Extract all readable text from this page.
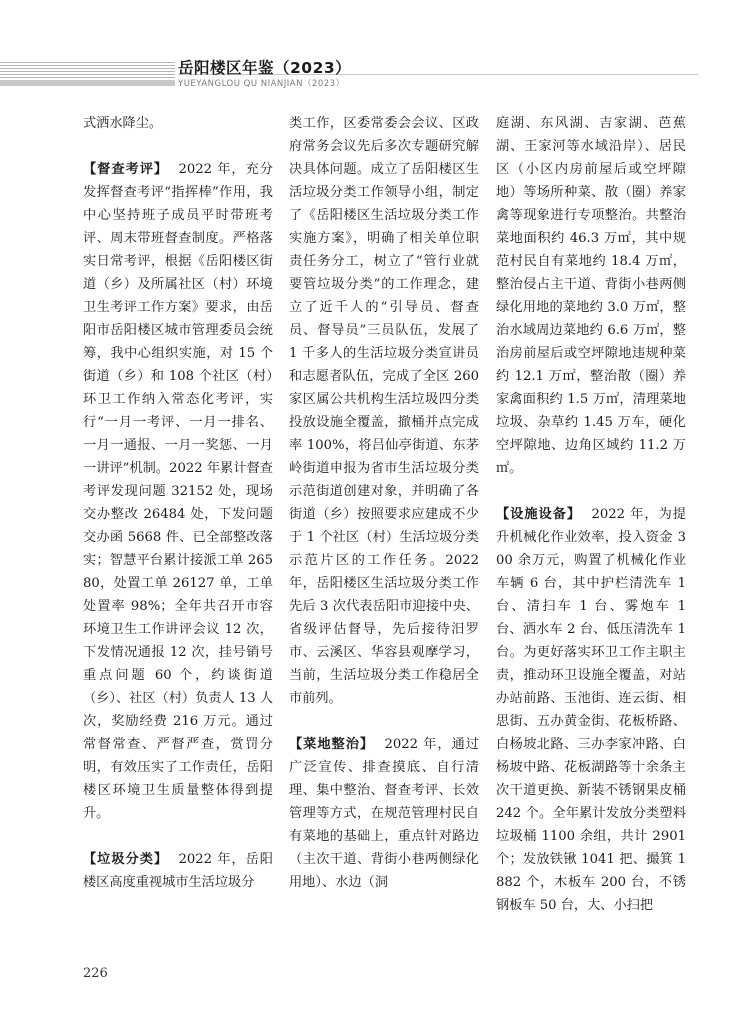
岳阳楼区年鉴（2023）
YUEYANGLOU QU NIANJIAN（2023）

式洒水降尘。

【督查考评】 2022 年，充分发挥督查考评“指挥棒”作用，我中心坚持班子成员平时带班考评、周末带班督查制度。严格落实日常考评，根据《岳阳楼区街道（乡）及所属社区（村）环境卫生考评工作方案》要求，由岳阳市岳阳楼区城市管理委员会统筹，我中心组织实施，对 15 个街道（乡）和 108 个社区（村）环卫工作纳入常态化考评，实行“一月一考评、一月一排名、一月一通报、一月一奖惩、一月一讲评”机制。2022 年累计督查考评发现问题 32152 处，现场交办整改 26484 处，下发问题交办函 5668 件、已全部整改落实；智慧平台累计接派工单 26580，处置工单 26127 单，工单处置率 98%；全年共召开市容环境卫生工作讲评会议 12 次，下发情况通报 12 次，挂号销号重点问题 60 个，约谈街道（乡）、社区（村）负责人 13 人次，奖励经费 216 万元。通过常督常查、严督严查，赏罚分明，有效压实了工作责任，岳阳楼区环境卫生质量整体得到提升。

【垃圾分类】 2022 年，岳阳楼区高度重视城市生活垃圾分

类工作，区委常委会会议、区政府常务会议先后多次专题研究解决具体问题。成立了岳阳楼区生活垃圾分类工作领导小组，制定了《岳阳楼区生活垃圾分类工作实施方案》，明确了相关单位职责任务分工，树立了“管行业就要管垃圾分类”的工作理念，建立了近千人的“引导员、督查员、督导员”三员队伍，发展了 1 千多人的生活垃圾分类宣讲员和志愿者队伍，完成了全区 260 家区属公共机构生活垃圾四分类投放设施全覆盖，撤桶并点完成率 100%，将吕仙亭街道、东茅岭街道申报为省市生活垃圾分类示范街道创建对象，并明确了各街道（乡）按照要求应建成不少于 1 个社区（村）生活垃圾分类示范片区的工作任务。2022 年，岳阳楼区生活垃圾分类工作先后 3 次代表岳阳市迎接中央、省级评估督导，先后接待汨罗市、云溪区、华容县观摩学习，当前，生活垃圾分类工作稳居全市前列。

【菜地整治】 2022 年，通过广泛宣传、排查摸底、自行清理、集中整治、督查考评、长效管理等方式，在规范管理村民自有菜地的基础上，重点针对路边（主次干道、背街小巷两侧绿化用地）、水边（洞

庭湖、东风湖、吉家湖、芭蕉湖、王家河等水域沿岸）、居民区（小区内房前屋后或空坪隙地）等场所种菜、散（圈）养家禽等现象进行专项整治。共整治菜地面积约 46.3 万㎡，其中规范村民自有菜地约 18.4 万㎡，整治侵占主干道、背街小巷两侧绿化用地的菜地约 3.0 万㎡，整治水域周边菜地约 6.6 万㎡，整治房前屋后或空坪隙地违规种菜约 12.1 万㎡，整治散（圈）养家禽面积约 1.5 万㎡，清理菜地垃圾、杂草约 1.45 万车，硬化空坪隙地、边角区域约 11.2 万㎡。

【设施设备】 2022 年，为提升机械化作业效率，投入资金 300 余万元，购置了机械化作业车辆 6 台，其中护栏清洗车 1 台、清扫车 1 台、雾炮车 1 台、洒水车 2 台、低压清洗车 1 台。为更好落实环卫工作主职主责，推动环卫设施全覆盖，对站办站前路、玉池街、连云街、相思街、五办黄金街、花板桥路、白杨坡北路、三办李家冲路、白杨坡中路、花板湖路等十余条主次干道更换、新装不锈钢果皮桶 242 个。全年累计发放分类塑料垃圾桶 1100 余组，共计 2901 个；发放铁锹 1041 把、撮箕 1882 个，木板车 200 台，不锈钢板车 50 台，大、小扫把

226
